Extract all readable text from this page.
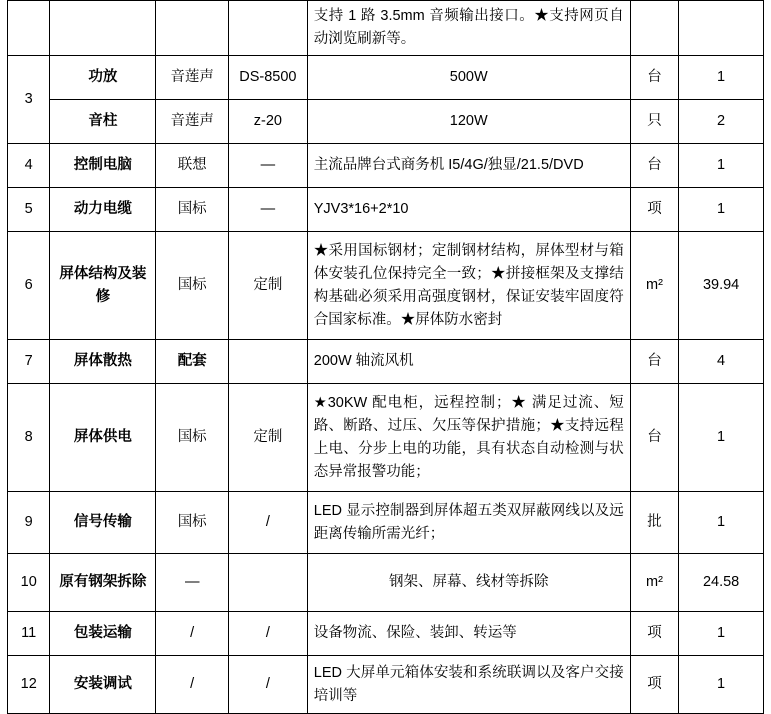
				支持 1 路 3.5mm 音频输出接口。★支持网页自动浏览刷新等。		
3	功放	音莲声	DS-8500	500W	台	1
	音柱	音莲声	z-20	120W	只	2
4	控制电脑	联想	—	主流品牌台式商务机 I5/4G/独显/21.5/DVD	台	1
5	动力电缆	国标	—	YJV3*16+2*10	项	1
6	屏体结构及装修	国标	定制	★采用国标钢材；定制钢材结构，屏体型材与箱体安装孔位保持完全一致；★拼接框架及支撑结构基础必须采用高强度钢材，保证安装牢固度符合国家标准。★屏体防水密封	m²	39.94
7	屏体散热	配套		200W 轴流风机	台	4
8	屏体供电	国标	定制	★30KW 配电柜，远程控制；★ 满足过流、短路、断路、过压、欠压等保护措施；★支持远程上电、分步上电的功能，具有状态自动检测与状态异常报警功能；	台	1
9	信号传输	国标	/	LED 显示控制器到屏体超五类双屏蔽网线以及远距离传输所需光纤；	批	1
10	原有钢架拆除	—		钢架、屏幕、线材等拆除	m²	24.58
11	包装运输	/	/	设备物流、保险、装卸、转运等	项	1
12	安装调试	/	/	LED 大屏单元箱体安装和系统联调以及客户交接培训等	项	1
